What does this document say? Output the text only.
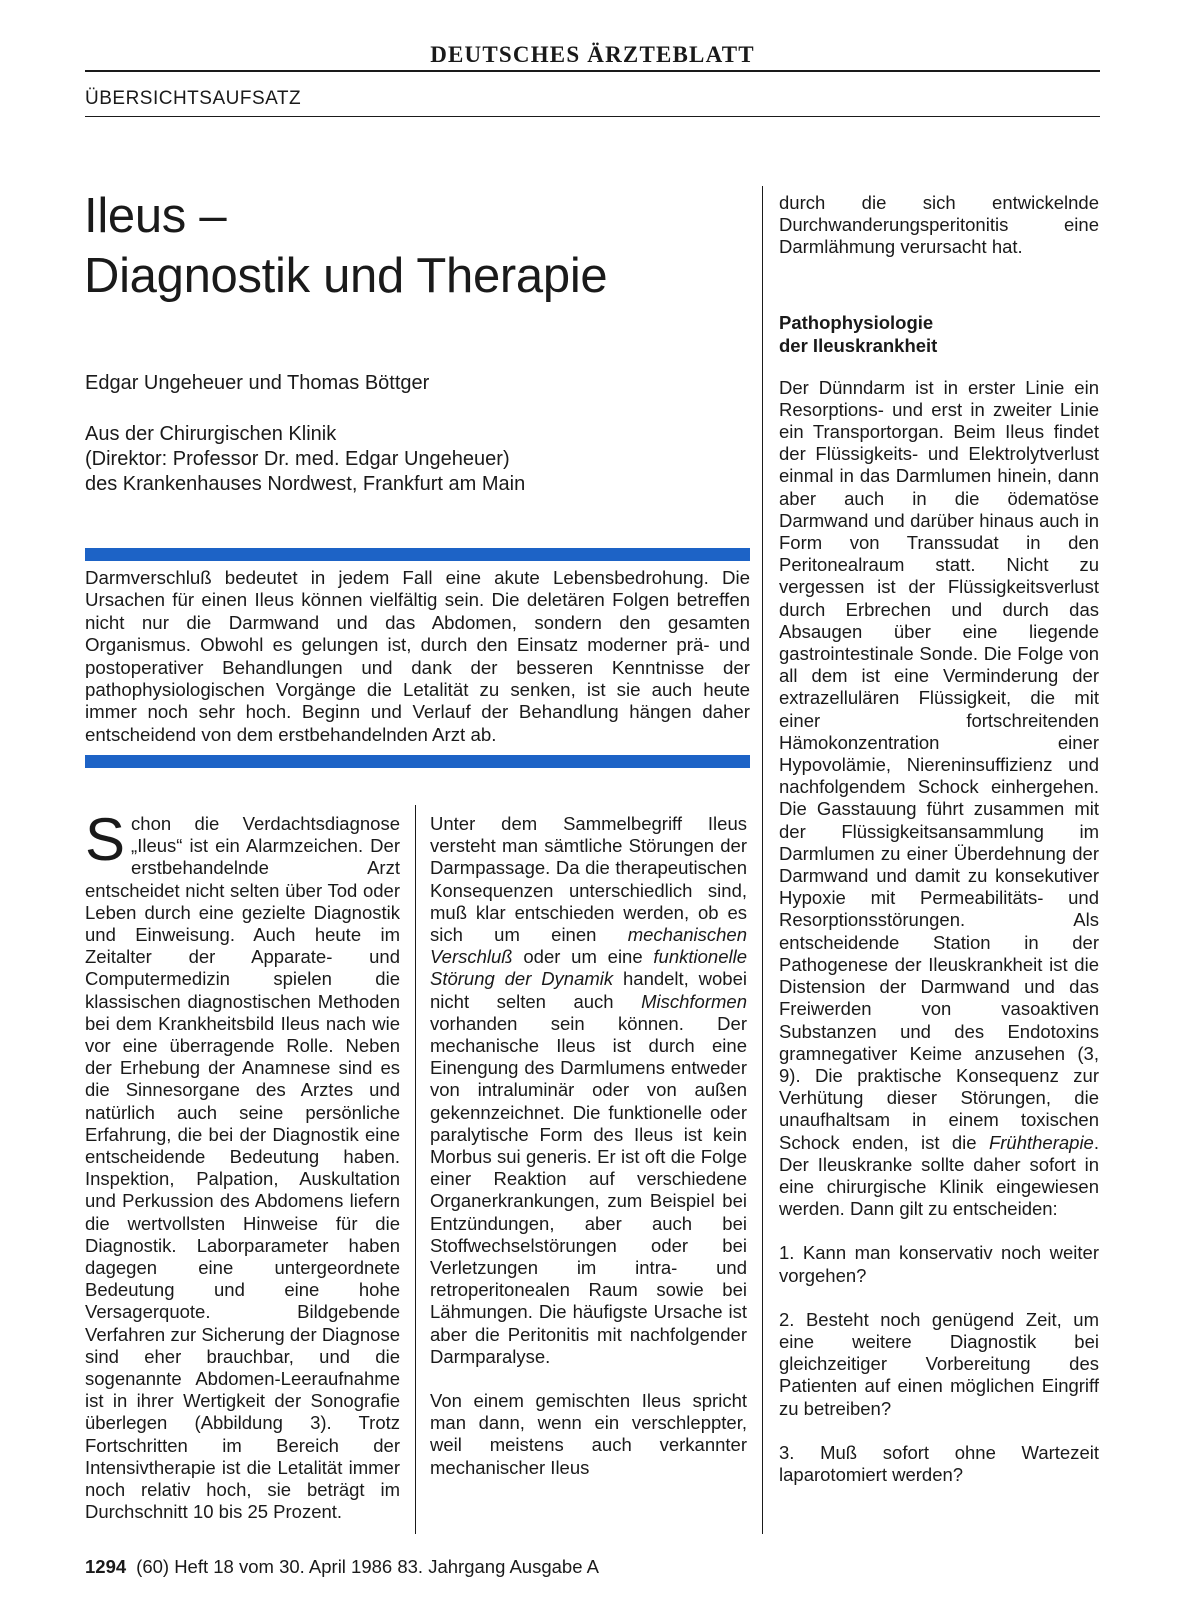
DEUTSCHES ÄRZTEBLATT
ÜBERSICHTSAUFSATZ
Ileus –
Diagnostik und Therapie
Edgar Ungeheuer und Thomas Böttger
Aus der Chirurgischen Klinik
(Direktor: Professor Dr. med. Edgar Ungeheuer)
des Krankenhauses Nordwest, Frankfurt am Main
Darmverschluß bedeutet in jedem Fall eine akute Lebensbedrohung. Die Ursachen für einen Ileus können vielfältig sein. Die deletären Folgen betreffen nicht nur die Darmwand und das Abdomen, sondern den gesamten Organismus. Obwohl es gelungen ist, durch den Einsatz moderner prä- und postoperativer Behandlungen und dank der besseren Kenntnisse der pathophysiologischen Vorgänge die Letalität zu senken, ist sie auch heute immer noch sehr hoch. Beginn und Verlauf der Behandlung hängen daher entscheidend von dem erstbehandelnden Arzt ab.

Schon die Verdachtsdiagnose „Ileus“ ist ein Alarmzeichen. Der erstbehandelnde Arzt entscheidet nicht selten über Tod oder Leben durch eine gezielte Diagnostik und Einweisung. Auch heute im Zeitalter der Apparate- und Computermedizin spielen die klassischen diagnostischen Methoden bei dem Krankheitsbild Ileus nach wie vor eine überragende Rolle. Neben der Erhebung der Anamnese sind es die Sinnesorgane des Arztes und natürlich auch seine persönliche Erfahrung, die bei der Diagnostik eine entscheidende Bedeutung haben. Inspektion, Palpation, Auskultation und Perkussion des Abdomens liefern die wertvollsten Hinweise für die Diagnostik. Laborparameter haben dagegen eine untergeordnete Bedeutung und eine hohe Versagerquote. Bildgebende Verfahren zur Sicherung der Diagnose sind eher brauchbar, und die sogenannte Abdomen-Leeraufnahme ist in ihrer Wertigkeit der Sonografie überlegen (Abbildung 3). Trotz Fortschritten im Bereich der Intensivtherapie ist die Letalität immer noch relativ hoch, sie beträgt im Durchschnitt 10 bis 25 Prozent.

Unter dem Sammelbegriff Ileus versteht man sämtliche Störungen der Darmpassage. Da die therapeutischen Konsequenzen unterschiedlich sind, muß klar entschieden werden, ob es sich um einen mechanischen Verschluß oder um eine funktionelle Störung der Dynamik handelt, wobei nicht selten auch Mischformen vorhanden sein können. Der mechanische Ileus ist durch eine Einengung des Darmlumens entweder von intraluminär oder von außen gekennzeichnet. Die funktionelle oder paralytische Form des Ileus ist kein Morbus sui generis. Er ist oft die Folge einer Reaktion auf verschiedene Organerkrankungen, zum Beispiel bei Entzündungen, aber auch bei Stoffwechselstörungen oder bei Verletzungen im intra- und retroperitonealen Raum sowie bei Lähmungen. Die häufigste Ursache ist aber die Peritonitis mit nachfolgender Darmparalyse.

Von einem gemischten Ileus spricht man dann, wenn ein verschleppter, weil meistens auch verkannter mechanischer Ileus

durch die sich entwickelnde Durchwanderungsperitonitis eine Darmlähmung verursacht hat.

Pathophysiologie
der Ileuskrankheit

Der Dünndarm ist in erster Linie ein Resorptions- und erst in zweiter Linie ein Transportorgan. Beim Ileus findet der Flüssigkeits- und Elektrolytverlust einmal in das Darmlumen hinein, dann aber auch in die ödematöse Darmwand und darüber hinaus auch in Form von Transsudat in den Peritonealraum statt. Nicht zu vergessen ist der Flüssigkeitsverlust durch Erbrechen und durch das Absaugen über eine liegende gastrointestinale Sonde. Die Folge von all dem ist eine Verminderung der extrazellulären Flüssigkeit, die mit einer fortschreitenden Hämokonzentration einer Hypovolämie, Niereninsuffizienz und nachfolgendem Schock einhergehen. Die Gasstauung führt zusammen mit der Flüssigkeitsansammlung im Darmlumen zu einer Überdehnung der Darmwand und damit zu konsekutiver Hypoxie mit Permeabilitäts- und Resorptionsstörungen. Als entscheidende Station in der Pathogenese der Ileuskrankheit ist die Distension der Darmwand und das Freiwerden von vasoaktiven Substanzen und des Endotoxins gramnegativer Keime anzusehen (3, 9). Die praktische Konsequenz zur Verhütung dieser Störungen, die unaufhaltsam in einem toxischen Schock enden, ist die Frühtherapie. Der Ileuskranke sollte daher sofort in eine chirurgische Klinik eingewiesen werden. Dann gilt zu entscheiden:

1. Kann man konservativ noch weiter vorgehen?

2. Besteht noch genügend Zeit, um eine weitere Diagnostik bei gleichzeitiger Vorbereitung des Patienten auf einen möglichen Eingriff zu betreiben?

3. Muß sofort ohne Wartezeit laparotomiert werden?

1294 (60) Heft 18 vom 30. April 1986 83. Jahrgang Ausgabe A
